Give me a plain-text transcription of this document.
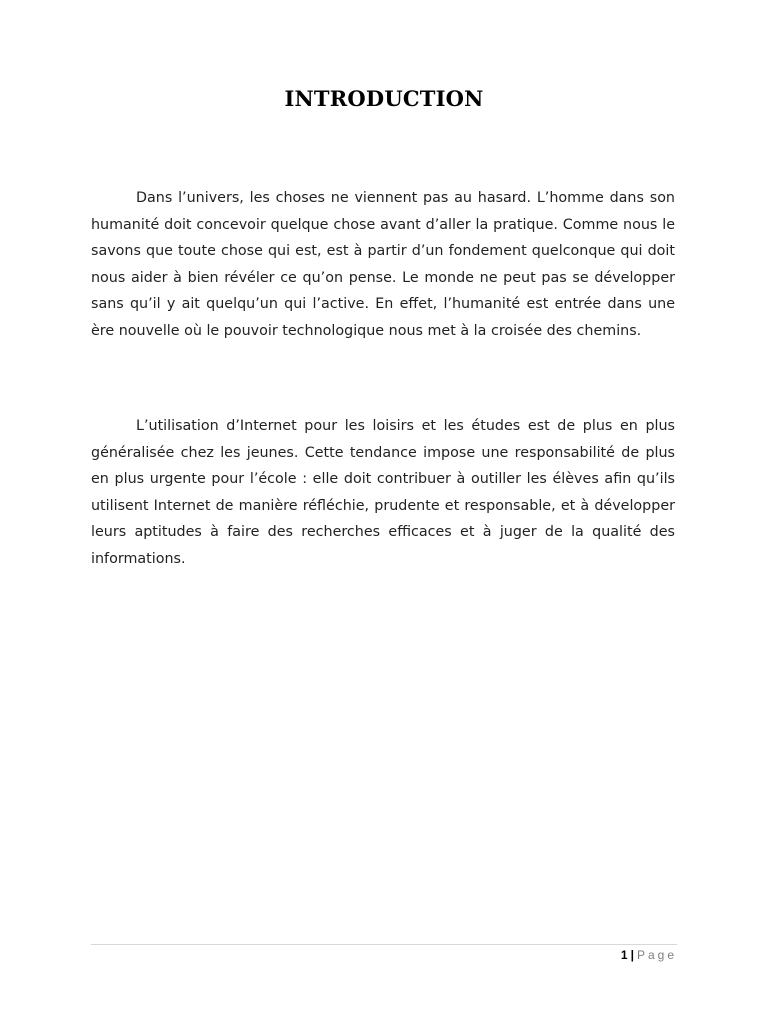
INTRODUCTION

Dans l’univers, les choses ne viennent pas au hasard. L’homme dans son humanité doit concevoir quelque chose avant d’aller la pratique. Comme nous le savons que toute chose qui est, est à partir d’un fondement quelconque qui doit nous aider à bien révéler ce qu’on pense. Le monde ne peut pas se développer sans qu’il y ait quelqu’un qui l’active. En effet, l’humanité est entrée dans une ère nouvelle où le pouvoir technologique nous met à la croisée des chemins.

L’utilisation d’Internet pour les loisirs et les études est de plus en plus généralisée chez les jeunes. Cette tendance impose une responsabilité de plus en plus urgente pour l’école : elle doit contribuer à outiller les élèves afin qu’ils utilisent Internet de manière réfléchie, prudente et responsable, et à développer leurs aptitudes à faire des recherches efficaces et à juger de la qualité des informations.

1 | Page
